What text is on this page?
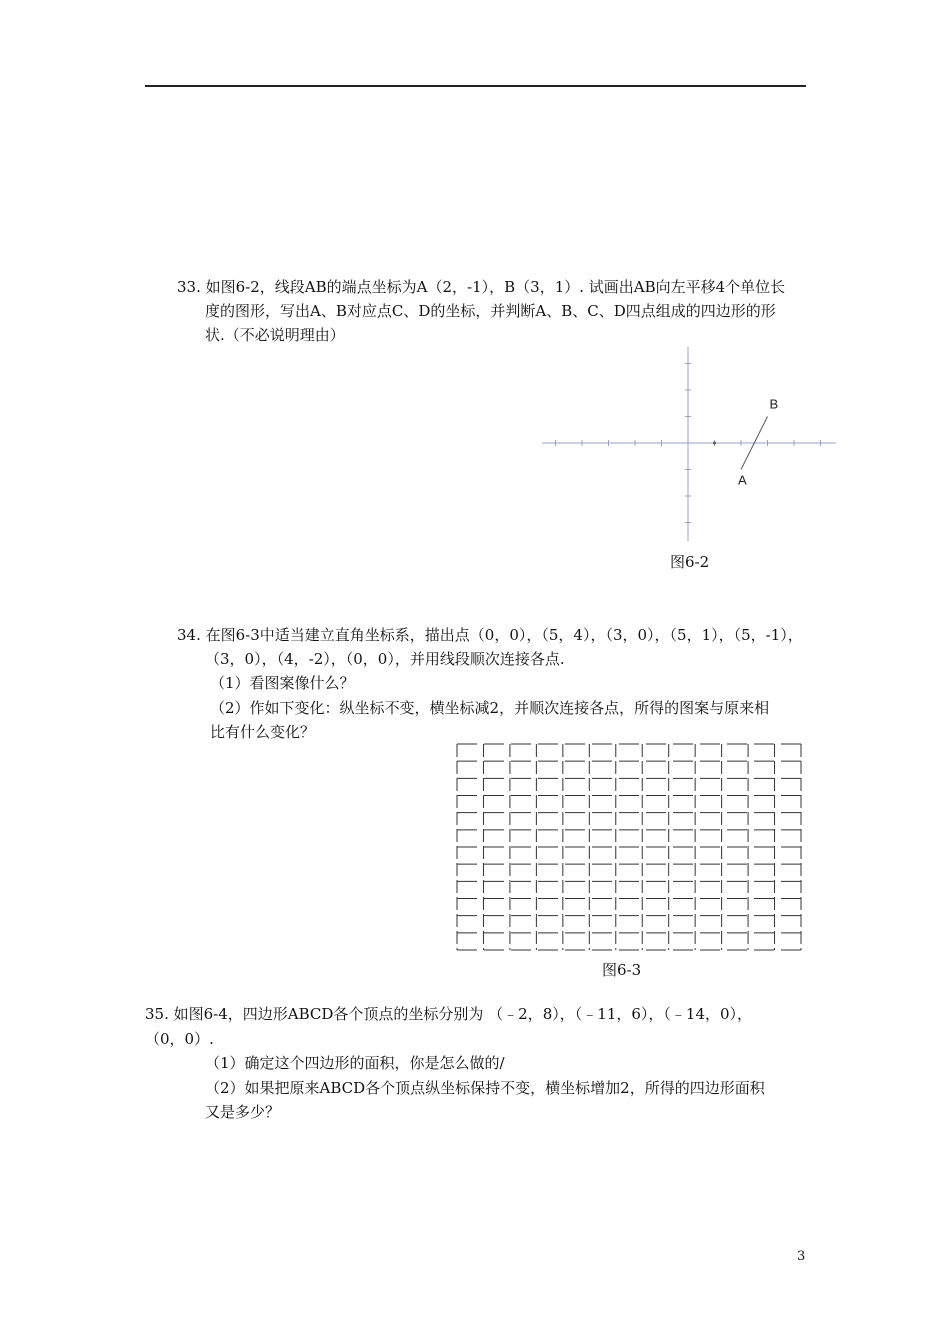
33. 如图6-2，线段AB的端点坐标为A（2，-1），B（3，1）. 试画出AB向左平移4个单位长
度的图形，写出A、B对应点C、D的坐标，并判断A、B、C、D四点组成的四边形的形
状.（不必说明理由）
A
B
图6-2
34. 在图6-3中适当建立直角坐标系，描出点（0，0），（5，4），（3，0），（5，1），（5，-1），
（3，0），（4，-2），（0，0），并用线段顺次连接各点.
（1）看图案像什么？
（2）作如下变化：纵坐标不变，横坐标减2，并顺次连接各点，所得的图案与原来相
比有什么变化？
图6-3
35. 如图6-4，四边形ABCD各个顶点的坐标分别为 （﹣2，8），（﹣11，6），（﹣14，0），
（0，0）.
（1）确定这个四边形的面积，你是怎么做的/
（2）如果把原来ABCD各个顶点纵坐标保持不变，横坐标增加2，所得的四边形面积
又是多少？
3
